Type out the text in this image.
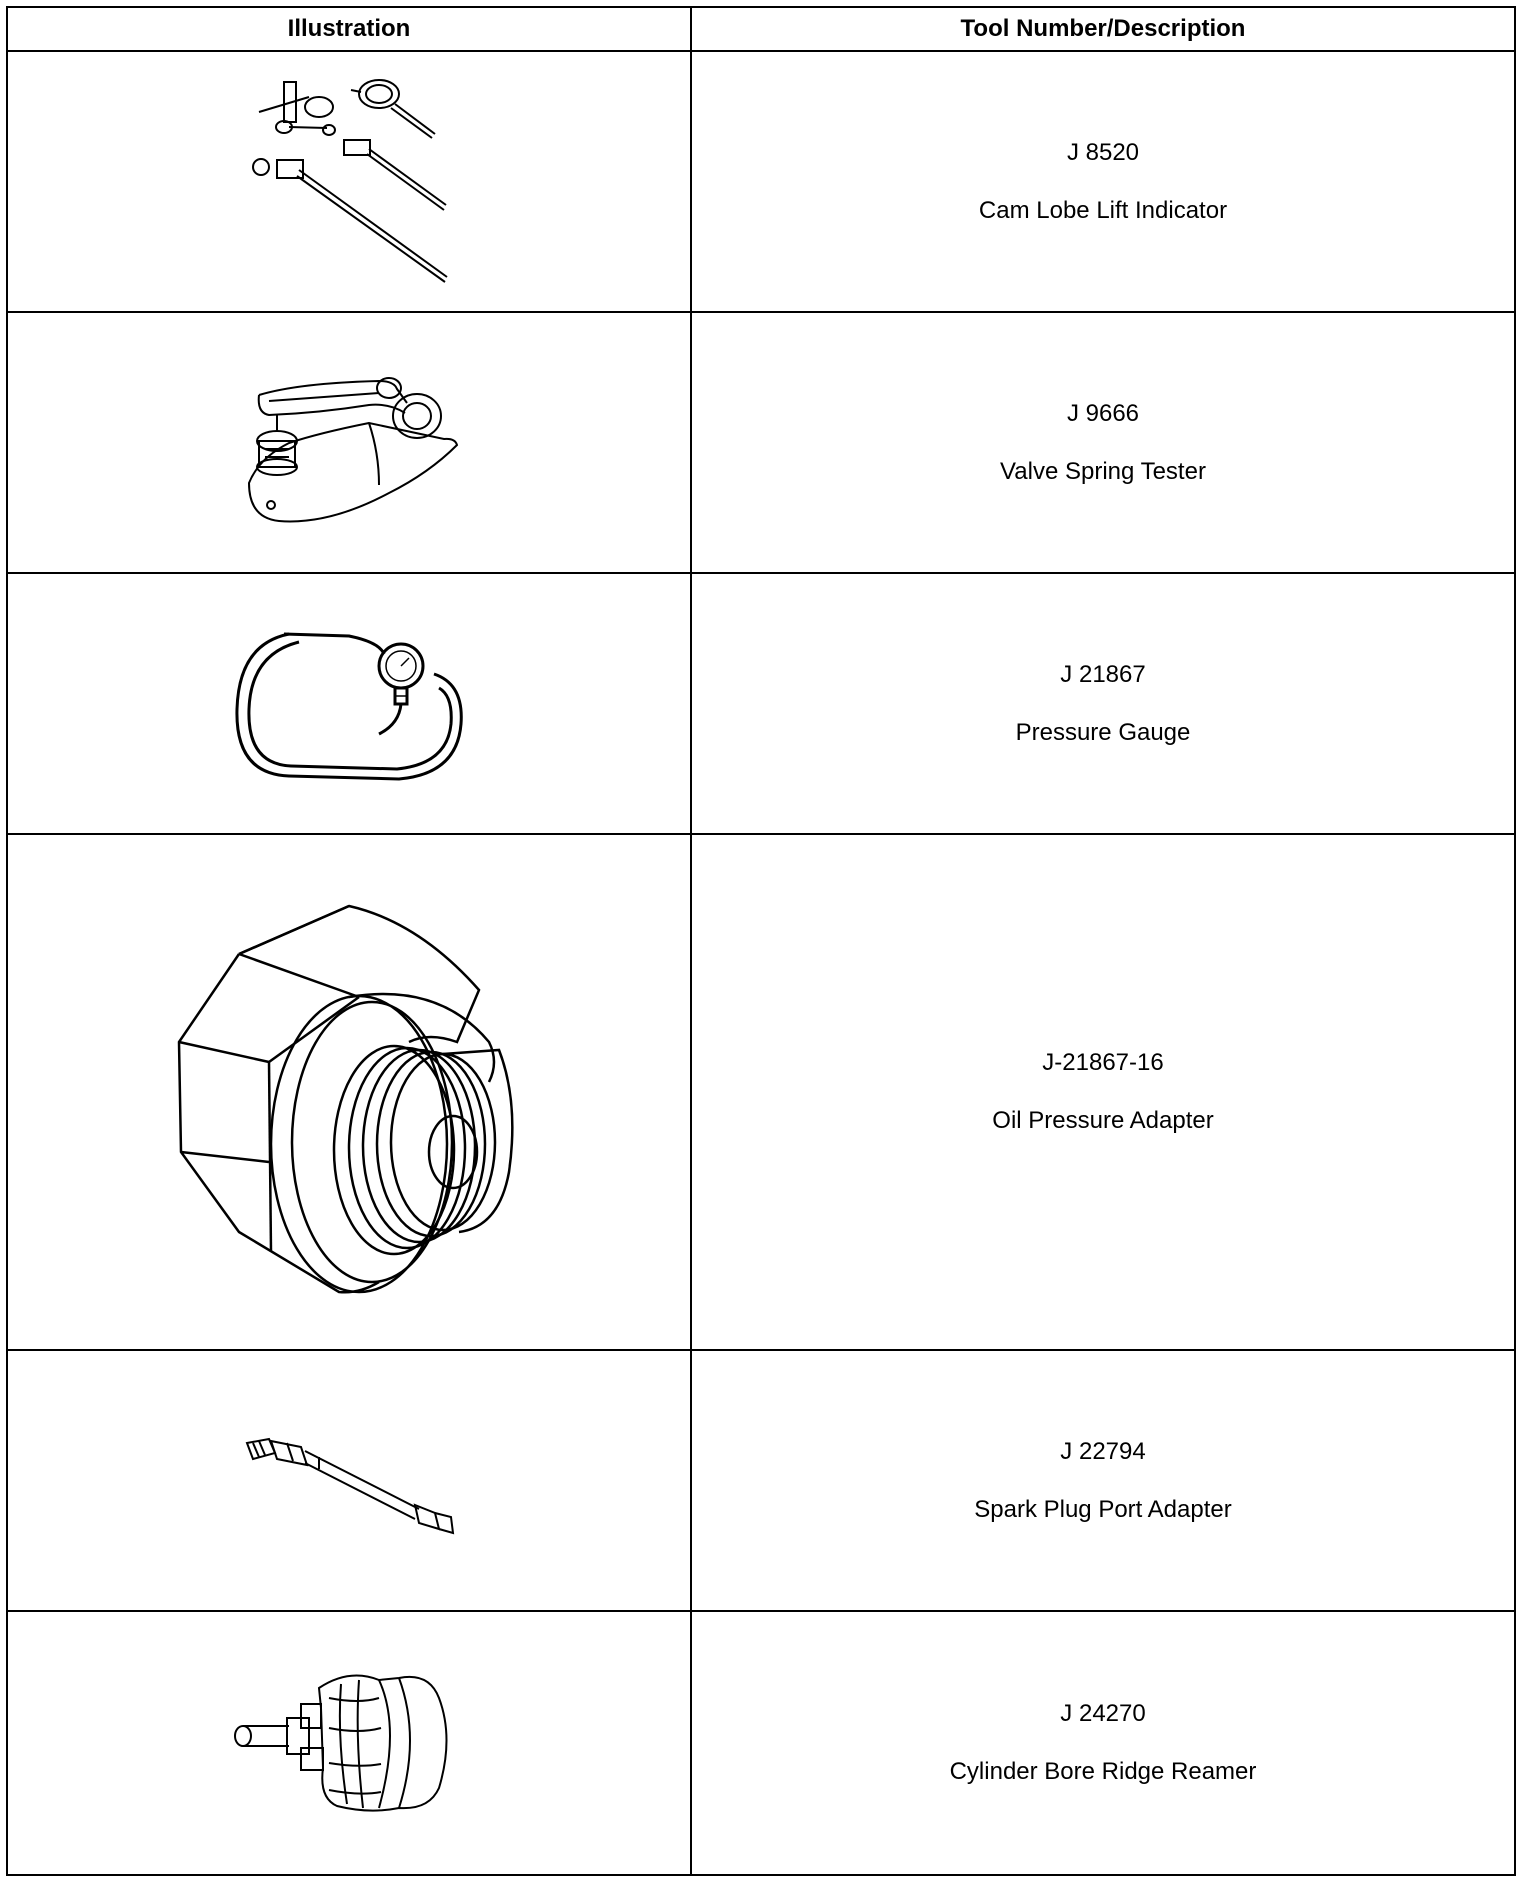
Illustration	Tool Number/Description

J 8520
Cam Lobe Lift Indicator

J 9666
Valve Spring Tester

J 21867
Pressure Gauge

J-21867-16
Oil Pressure Adapter

J 22794
Spark Plug Port Adapter

J 24270
Cylinder Bore Ridge Reamer
